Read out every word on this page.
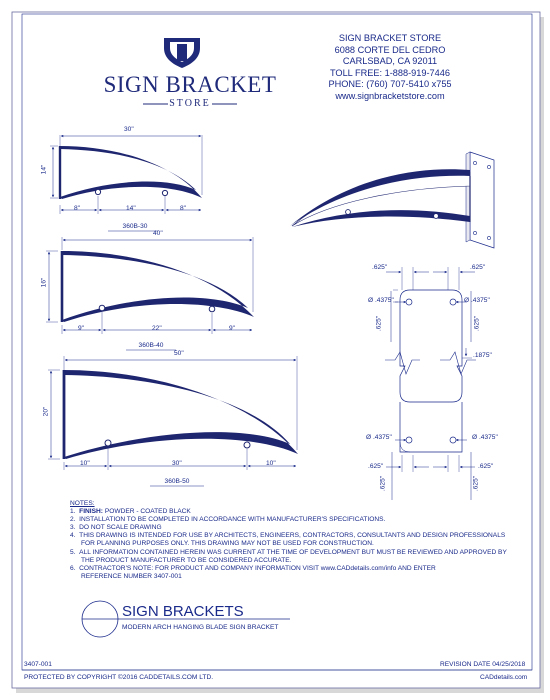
SIGN BRACKET
STORE
SIGN BRACKET STORE
6088 CORTE DEL CEDRO
CARLSBAD, CA 92011
TOLL FREE: 1-888-919-7446
PHONE: (760) 707-5410 x755
www.signbracketstore.com
30"
14"
8"	14"	8"
360B-30
40"
16"
9"	22"	9"
360B-40
50"
20"
10"	30"	10"
360B-50
.625"	.625"
Ø .4375"	Ø .4375"
.625"	.625"
.1875"
Ø .4375"	Ø .4375"
.625"	.625"
.625"	.625"
NOTES:
1.  FINISH: POWDER - COATED BLACK
2.  INSTALLATION TO BE COMPLETED IN ACCORDANCE WITH MANUFACTURER'S SPECIFICATIONS.
3.  DO NOT SCALE DRAWING
4.  THIS DRAWING IS INTENDED FOR USE BY ARCHITECTS, ENGINEERS, CONTRACTORS, CONSULTANTS AND DESIGN PROFESSIONALS
FOR PLANNING PURPOSES ONLY. THIS DRAWING MAY NOT BE USED FOR CONSTRUCTION.
5.  ALL INFORMATION CONTAINED HEREIN WAS CURRENT AT THE TIME OF DEVELOPMENT BUT MUST BE REVIEWED AND APPROVED BY
THE PRODUCT MANUFACTURER TO BE CONSIDERED ACCURATE.
6.  CONTRACTOR'S NOTE: FOR PRODUCT AND COMPANY INFORMATION VISIT www.CADdetails.com/info AND ENTER
REFERENCE NUMBER 3407-001
SIGN BRACKETS
MODERN ARCH HANGING BLADE SIGN BRACKET
3407-001	REVISION DATE 04/25/2018
PROTECTED BY COPYRIGHT ©2016 CADDETAILS.COM LTD.	CADdetails.com
